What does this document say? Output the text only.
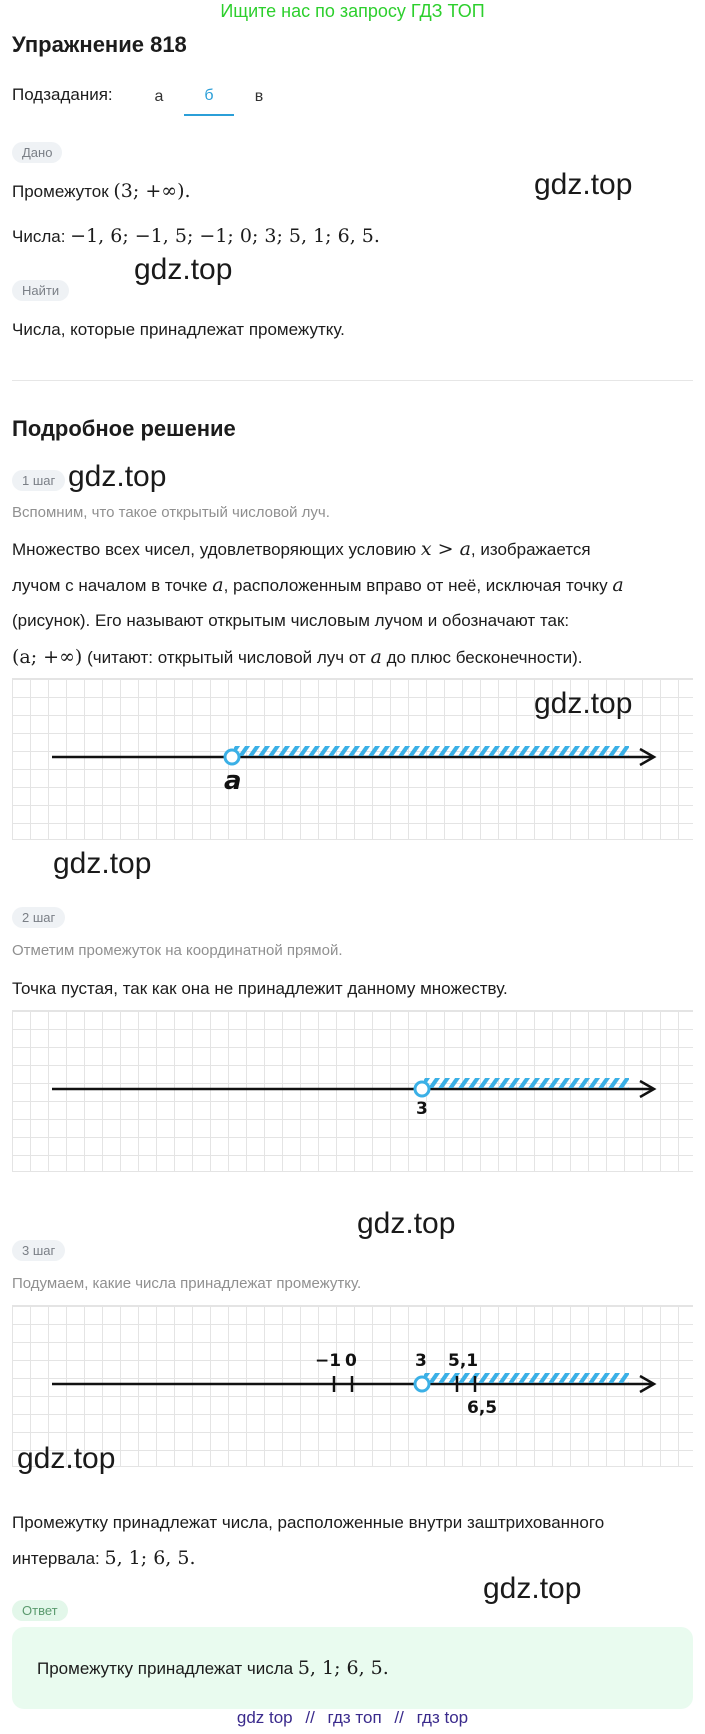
Ищите нас по запросу ГДЗ ТОП
Упражнение 818
Подзадания:	а	б	в
Дано
Промежуток (3; +∞).
Числа: −1, 6; −1, 5; −1; 0; 3; 5, 1; 6, 5.
Найти
Числа, которые принадлежат промежутку.
Подробное решение
1 шаг
Вспомним, что такое открытый числовой луч.
Множество всех чисел, удовлетворяющих условию x > a, изображается
лучом с началом в точке a, расположенным вправо от неё, исключая точку a
(рисунок). Его называют открытым числовым лучом и обозначают так:
(a; +∞) (читают: открытый числовой луч от a до плюс бесконечности).
a
2 шаг
Отметим промежуток на координатной прямой.
Точка пустая, так как она не принадлежит данному множеству.
3
3 шаг
Подумаем, какие числа принадлежат промежутку.
−1 0	3 5,1
6,5
Промежутку принадлежат числа, расположенные внутри заштрихованного
интервала: 5, 1; 6, 5.
Ответ
Промежутку принадлежат числа 5, 1; 6, 5.
gdz.top
gdz.top
gdz.top
gdz.top
gdz.top
gdz.top
gdz.top
gdz.top
gdz top // гдз топ // гдз top
